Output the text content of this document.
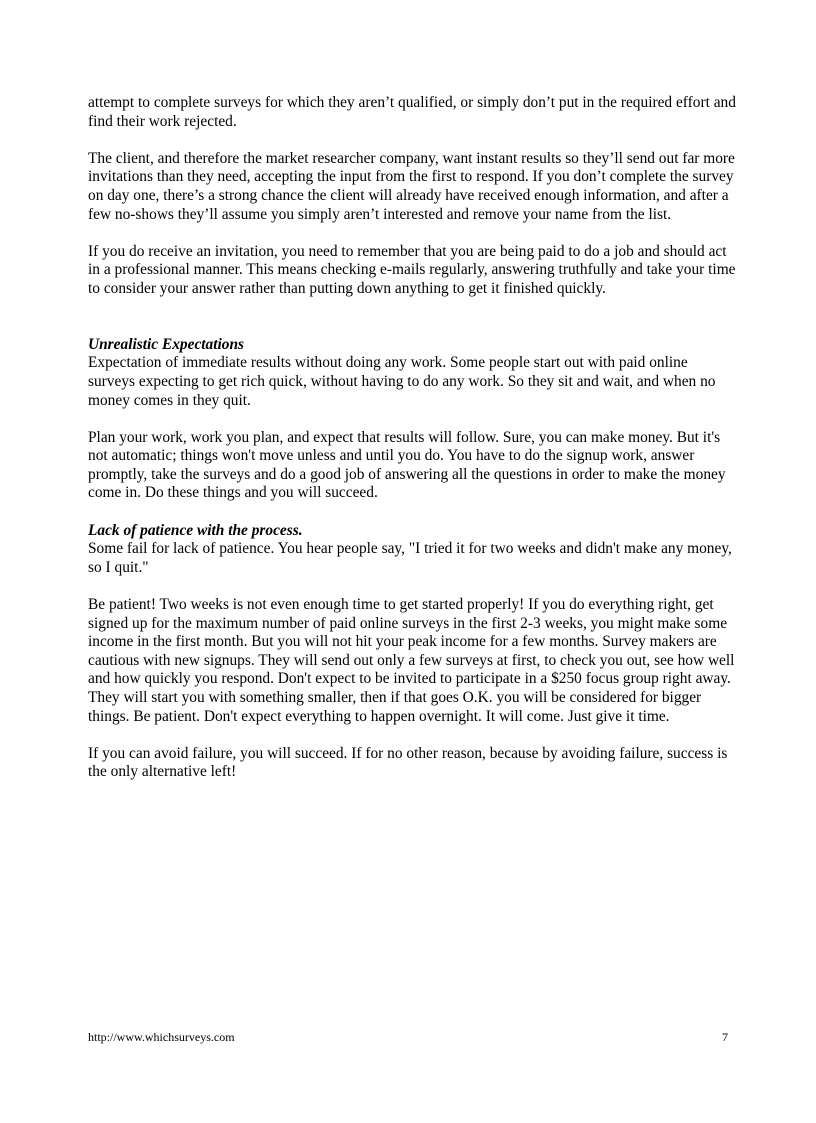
attempt to complete surveys for which they aren’t qualified, or simply don’t put in the required effort and find their work rejected.

The client, and therefore the market researcher company, want instant results so they’ll send out far more invitations than they need, accepting the input from the first to respond. If you don’t complete the survey on day one, there’s a strong chance the client will already have received enough information, and after a few no-shows they’ll assume you simply aren’t interested and remove your name from the list.

If you do receive an invitation, you need to remember that you are being paid to do a job and should act in a professional manner. This means checking e-mails regularly, answering truthfully and take your time to consider your answer rather than putting down anything to get it finished quickly.

Unrealistic Expectations

Expectation of immediate results without doing any work. Some people start out with paid online surveys expecting to get rich quick, without having to do any work. So they sit and wait, and when no money comes in they quit.

Plan your work, work you plan, and expect that results will follow. Sure, you can make money. But it's not automatic; things won't move unless and until you do. You have to do the signup work, answer promptly, take the surveys and do a good job of answering all the questions in order to make the money come in. Do these things and you will succeed.

Lack of patience with the process.

Some fail for lack of patience. You hear people say, "I tried it for two weeks and didn't make any money, so I quit."

Be patient! Two weeks is not even enough time to get started properly! If you do everything right, get signed up for the maximum number of paid online surveys in the first 2-3 weeks, you might make some income in the first month. But you will not hit your peak income for a few months. Survey makers are cautious with new signups. They will send out only a few surveys at first, to check you out, see how well and how quickly you respond. Don't expect to be invited to participate in a $250 focus group right away. They will start you with something smaller, then if that goes O.K. you will be considered for bigger things. Be patient. Don't expect everything to happen overnight. It will come. Just give it time.

If you can avoid failure, you will succeed. If for no other reason, because by avoiding failure, success is the only alternative left!

http://www.whichsurveys.com	7
